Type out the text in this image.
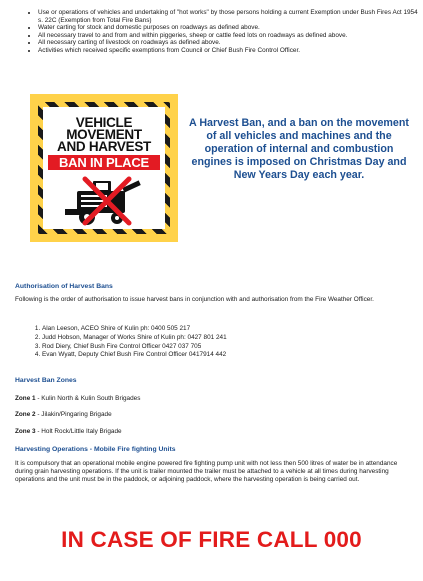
• Use or operations of vehicles and undertaking of "hot works" by those persons holding a current Exemption under Bush Fires Act 1954 s. 22C (Exemption from Total Fire Bans)
• Water carting for stock and domestic purposes on roadways as defined above.
• All necessary travel to and from and within piggeries, sheep or cattle feed lots on roadways as defined above.
• All necessary carting of livestock on roadways as defined above.
• Activities which received specific exemptions from Council or Chief Bush Fire Control Officer.
VEHICLE
MOVEMENT
AND HARVEST
BAN IN PLACE
A Harvest Ban, and a ban on the movement of all vehicles and machines and the operation of internal and combustion engines is imposed on Christmas Day and New Years Day each year.
Authorisation of Harvest Bans
Following is the order of authorisation to issue harvest bans in conjunction with and authorisation from the Fire Weather Officer.
1. Alan Leeson, ACEO Shire of Kulin ph: 0400 505 217
2. Judd Hobson, Manager of Works Shire of Kulin ph: 0427 801 241
3. Rod Diery, Chief Bush Fire Control Officer 0427 037 705
4. Evan Wyatt, Deputy Chief Bush Fire Control Officer 0417914 442
Harvest Ban Zones
Zone 1 - Kulin North & Kulin South Brigades
Zone 2 - Jilakin/Pingaring Brigade
Zone 3 - Holt Rock/Little Italy Brigade
Harvesting Operations - Mobile Fire fighting Units
It is compulsory that an operational mobile engine powered fire fighting pump unit with not less then 500 litres of water be in attendance during grain harvesting operations. If the unit is trailer mounted the trailer must be attached to a vehicle at all times during harvesting operations and the unit must be in the paddock, or adjoining paddock, where the harvesting operation is being carried out.
IN CASE OF FIRE CALL 000
